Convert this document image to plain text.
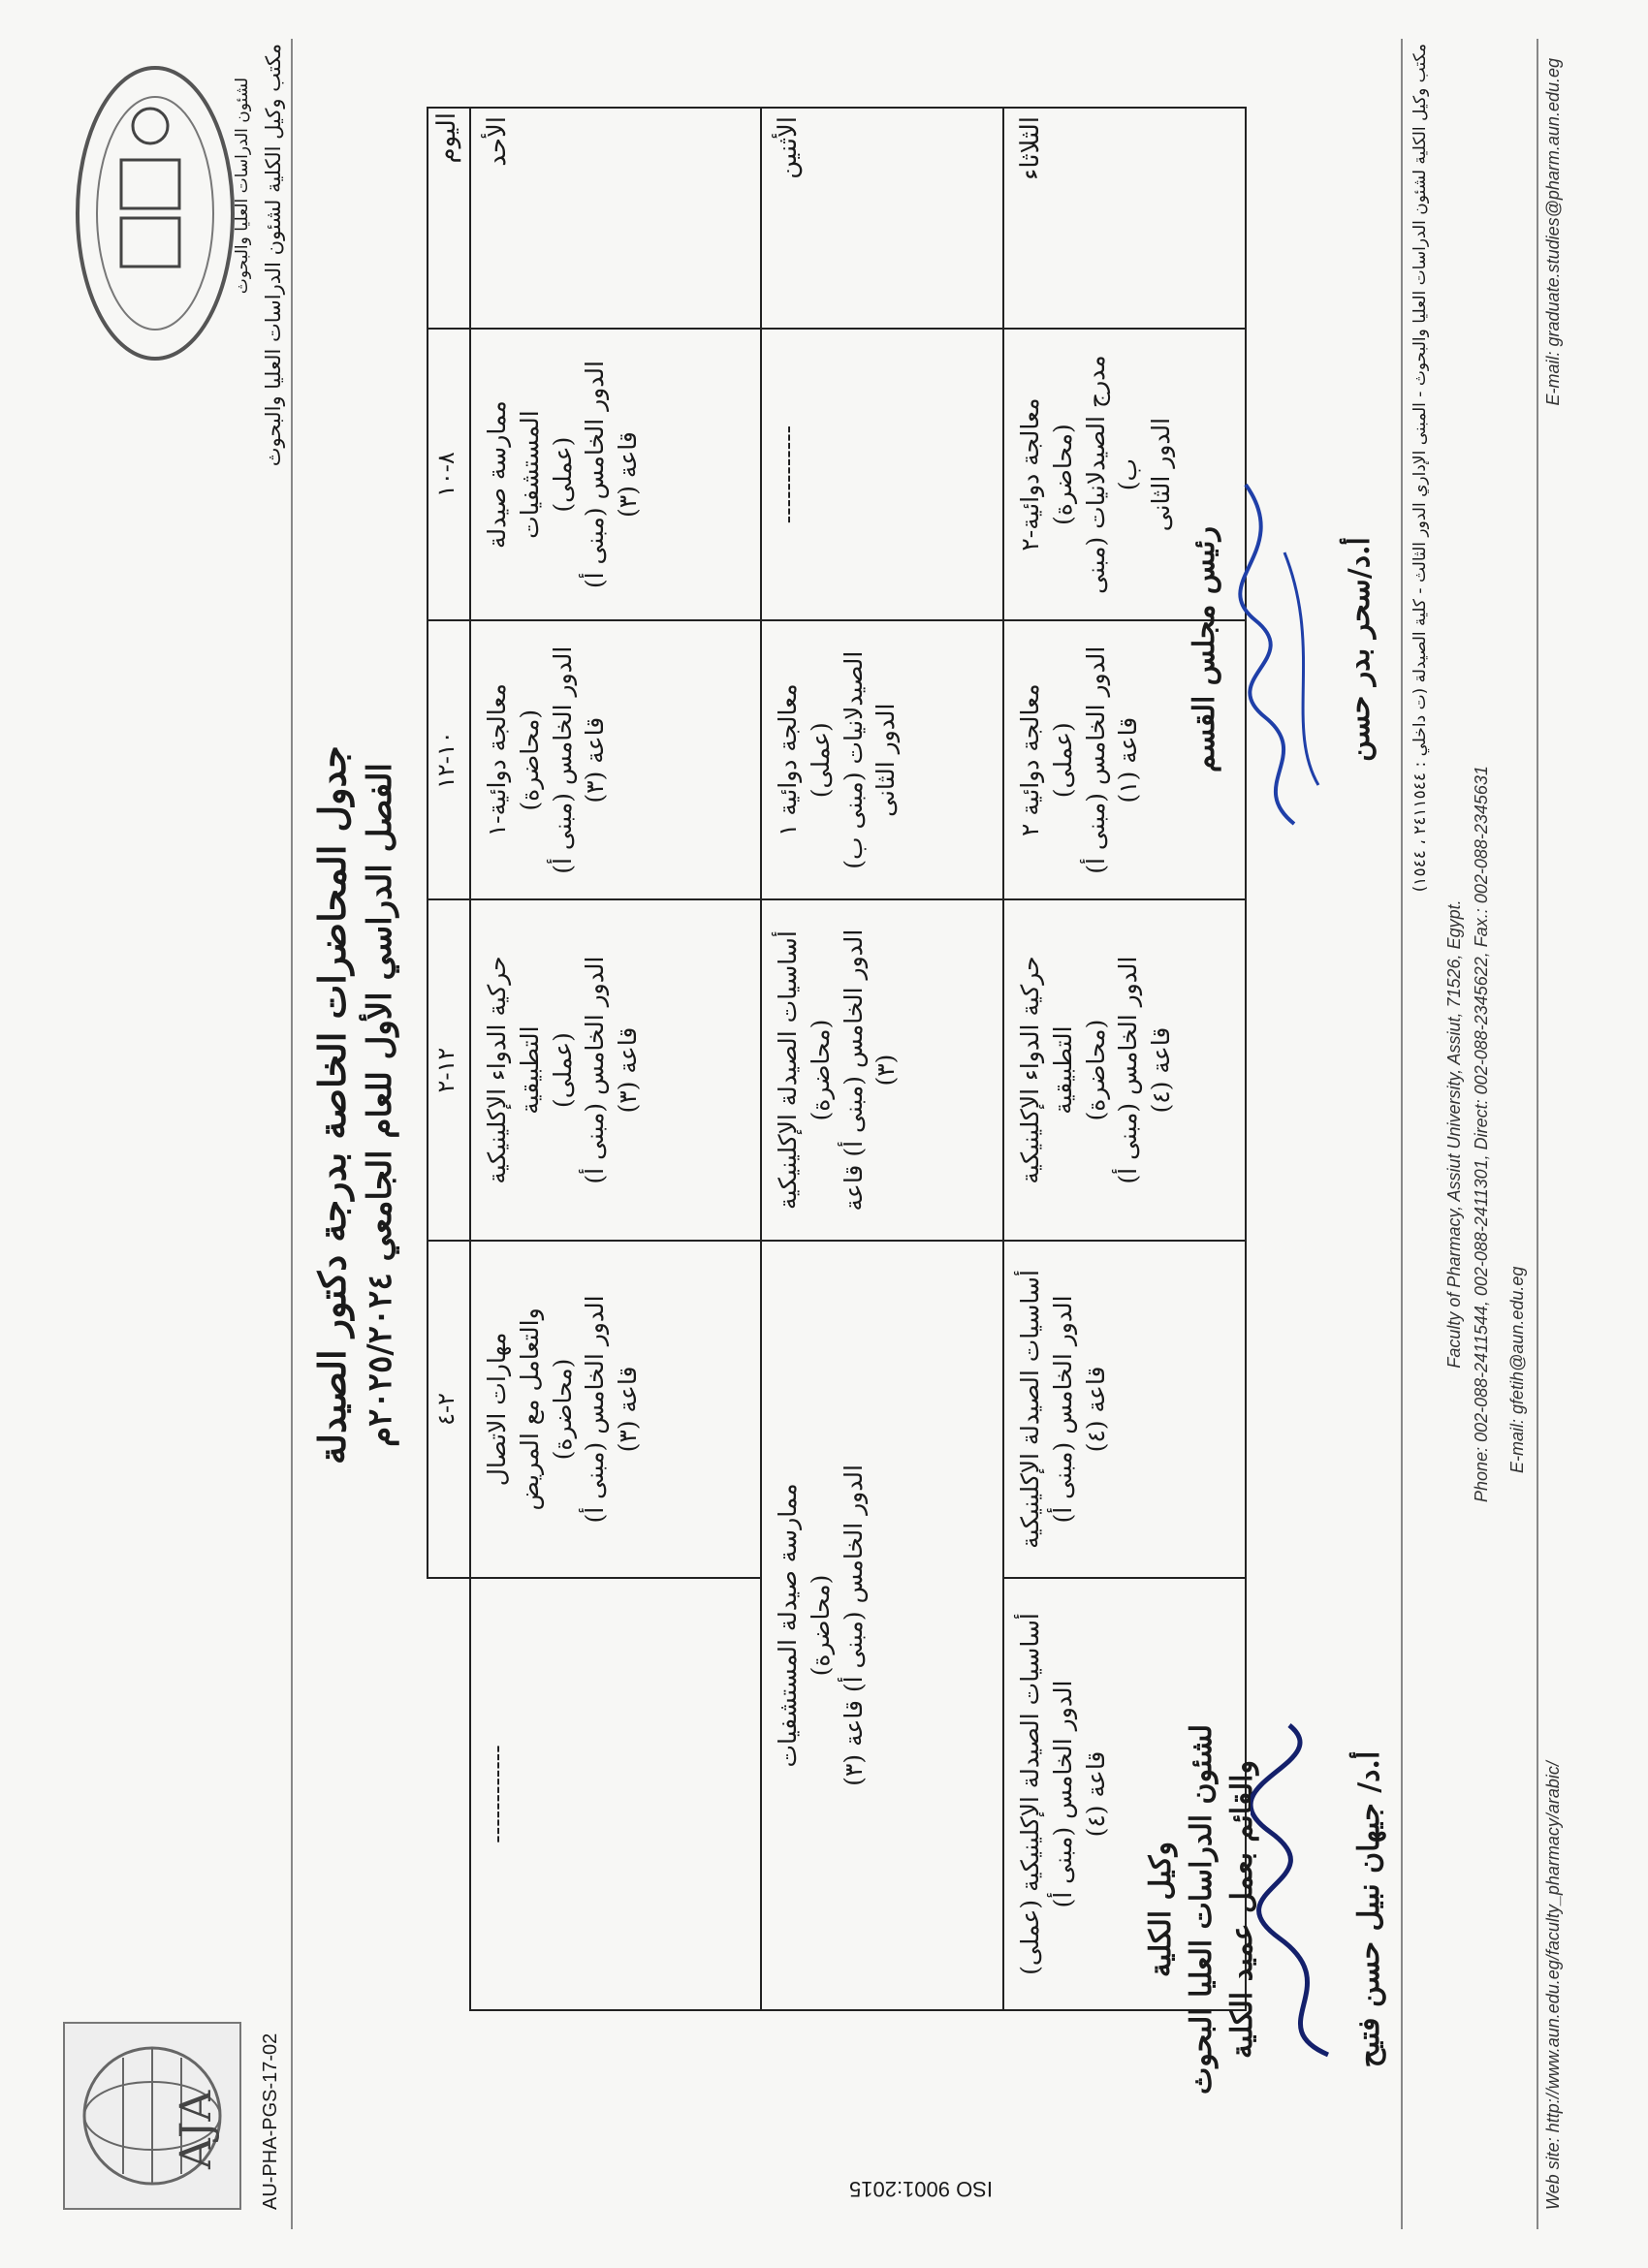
مكتب وكيل الكلية لشئون الدراسات العليا والبحوث
لشئون الدراسات العليا والبحوث
AJA AU-PHA-PGS-17-02
جدول المحاضرات الخاصة بدرجة دكتور الصيدلة الفصل الدراسي الأول للعام الجامعي ٢٠٢٥/٢٠٢٤م
اليوم	٨-١٠	١٠-١٢	١٢-٢	٢-٤	
الأحد	ممارسة صيدلة المستشفيات (عملى) الدور الخامس (مبنى أ) قاعة (٣)	معالجة دوائية-١ (محاضرة) الدور الخامس (مبنى أ) قاعة (٣)	حركية الدواء الإكلينيكية التطبيقية (عملى) الدور الخامس (مبنى أ) قاعة (٣)	مهارات الاتصال والتعامل مع المريض (محاضرة) الدور الخامس (مبنى أ) قاعة (٣)	------------

الأثنين	------------	معالجة دوائية ١ (عملى) الصيدلانيات (مبنى ب) الدور الثانى	أساسيات الصيدلة الإكلينيكية (محاضرة) الدور الخامس (مبنى أ) قاعة (٣)	ممارسة صيدلة المستشفيات (محاضرة)
الدور الخامس (مبنى أ) قاعة (٣)	

الثلاثاء	معالجة دوائية-٢ (محاضرة) مدرج الصيدلانيات (مبنى ب) الدور الثانى	معالجة دوائية ٢ (عملى) الدور الخامس (مبنى أ) قاعة (١)	حركية الدواء الإكلينيكية التطبيقية (محاضرة) الدور الخامس (مبنى أ) قاعة (٤)	أساسيات الصيدلة الإكلينيكية الدور الخامس (مبنى أ) قاعة (٤)	أساسيات الصيدلة الإكلينيكية (عملى) الدور الخامس (مبنى أ) قاعة (٤)
رئيس مجلس القسم	أ.د/سحر بدر حسن
وكيل الكلية لشئون الدراسات العليا البحوث والقائم بعمل عميد الكلية	أ.د/ جيهان نبيل حسن فتيح
مكتب وكيل الكلية لشئون الدراسات العليا والبحوث - المبنى الإداري الدور الثالث - كلية الصيدلة (ت داخلي : ٢٤١١٥٤٤ ، ١٥٤٤)
Faculty of Pharmacy, Assiut University, Assiut, 71526, Egypt. Phone: 002-088-2411544, 002-088-2411301, Direct: 002-088-2345622, Fax.: 002-088-2345631 E-mail: gfetih@aun.edu.eg
Web site: http://www.aun.edu.eg/faculty_pharmacy/arabic/
E-mail: graduate.studies@pharm.aun.edu.eg
ISO 9001:2015
